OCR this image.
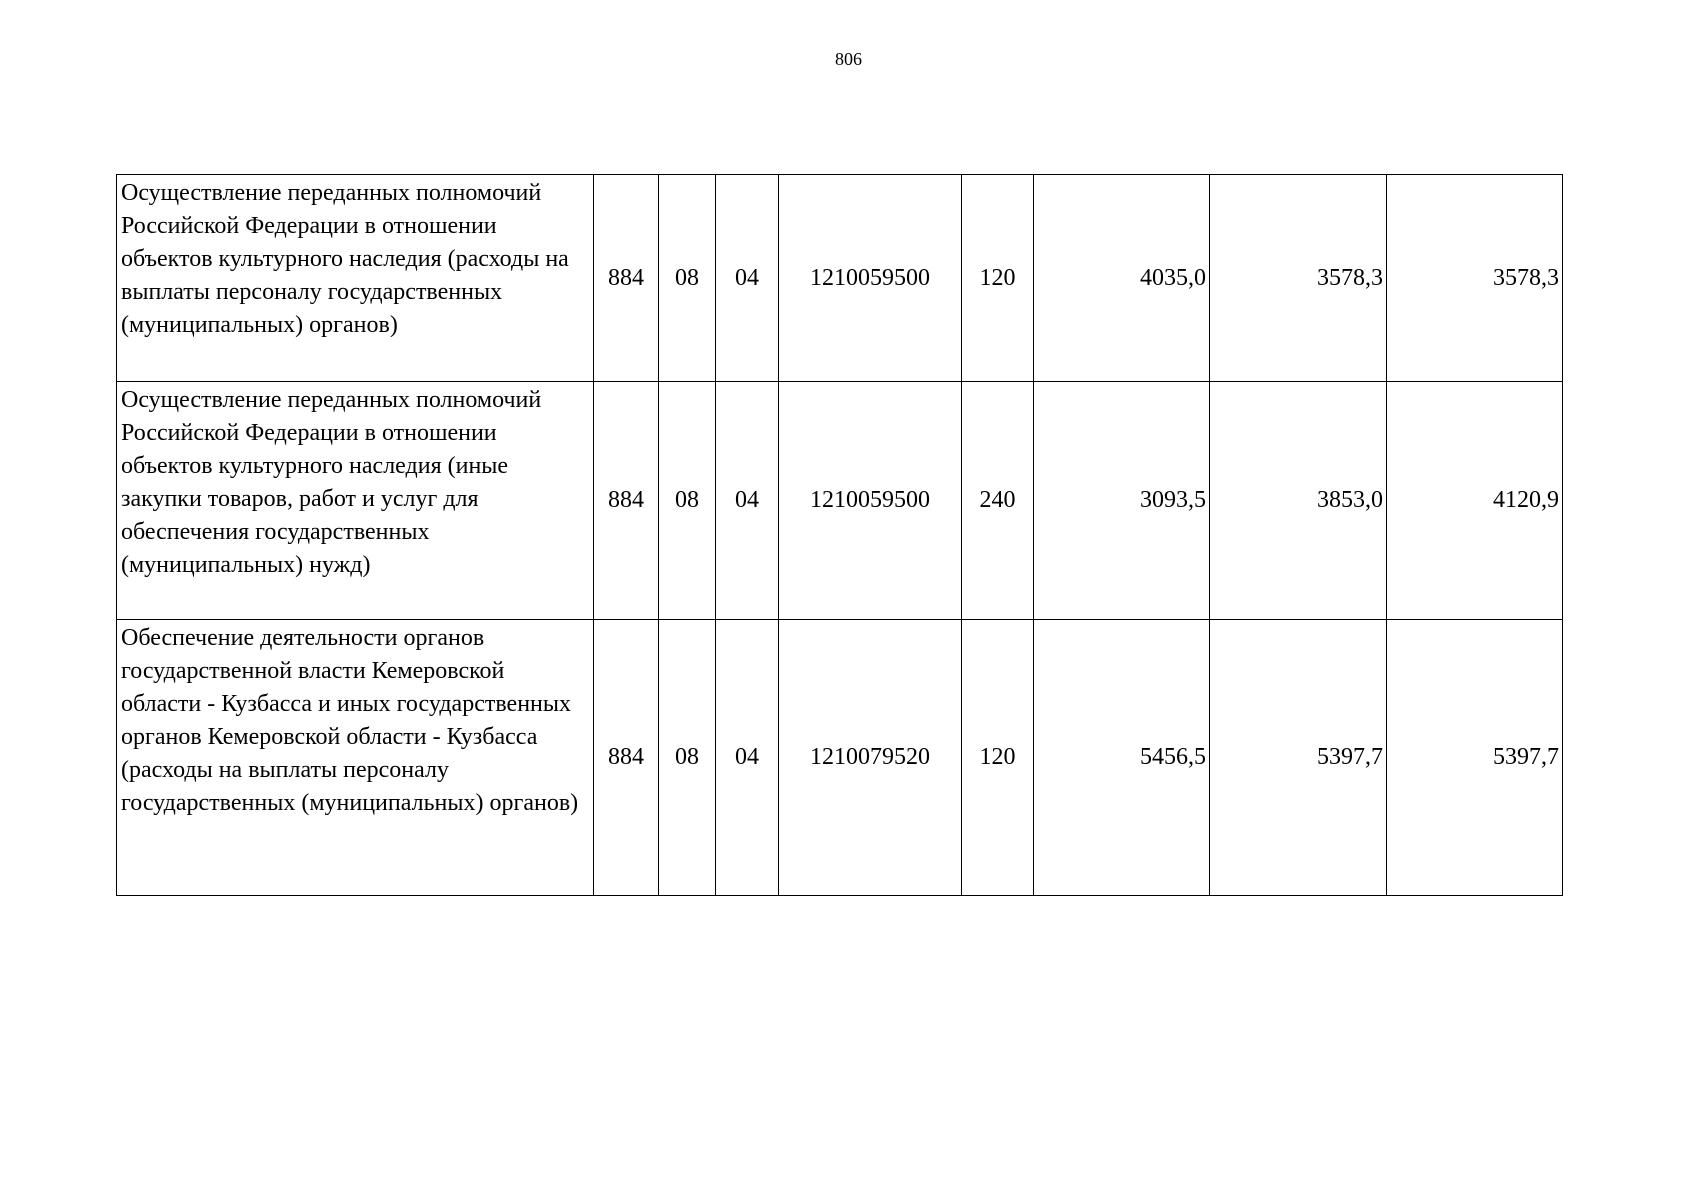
806
Осуществление переданных полномочий Российской Федерации в отношении объектов культурного наследия (расходы на выплаты персоналу государственных (муниципальных) органов)	884	08	04	1210059500	120	4035,0	3578,3	3578,3
Осуществление переданных полномочий Российской Федерации в отношении объектов культурного наследия (иные закупки товаров, работ и услуг для обеспечения государственных (муниципальных) нужд)	884	08	04	1210059500	240	3093,5	3853,0	4120,9
Обеспечение деятельности органов государственной власти Кемеровской области - Кузбасса и иных государственных органов Кемеровской области - Кузбасса (расходы на выплаты персоналу государственных (муниципальных) органов)	884	08	04	1210079520	120	5456,5	5397,7	5397,7
